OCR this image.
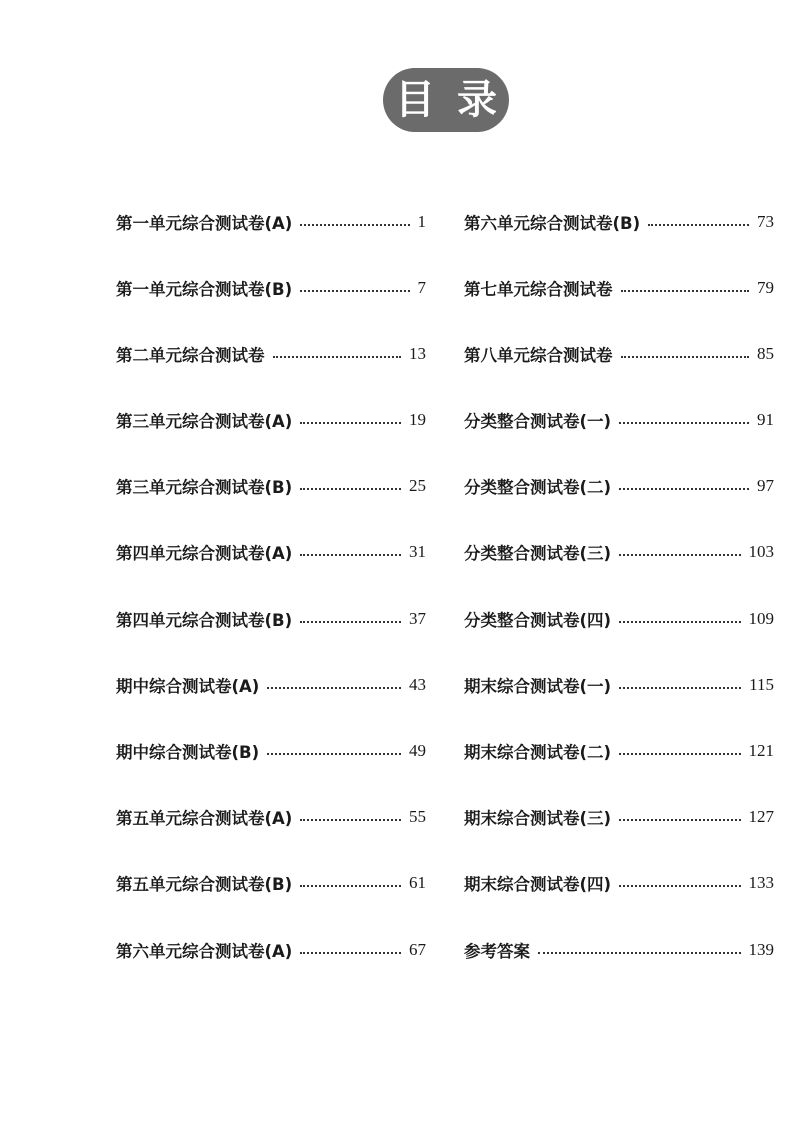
目 录
第一单元综合测试卷(A)	1
第一单元综合测试卷(B)	7
第二单元综合测试卷	13
第三单元综合测试卷(A)	19
第三单元综合测试卷(B)	25
第四单元综合测试卷(A)	31
第四单元综合测试卷(B)	37
期中综合测试卷(A)	43
期中综合测试卷(B)	49
第五单元综合测试卷(A)	55
第五单元综合测试卷(B)	61
第六单元综合测试卷(A)	67
第六单元综合测试卷(B)	73
第七单元综合测试卷	79
第八单元综合测试卷	85
分类整合测试卷(一)	91
分类整合测试卷(二)	97
分类整合测试卷(三)	103
分类整合测试卷(四)	109
期末综合测试卷(一)	115
期末综合测试卷(二)	121
期末综合测试卷(三)	127
期末综合测试卷(四)	133
参考答案	139
